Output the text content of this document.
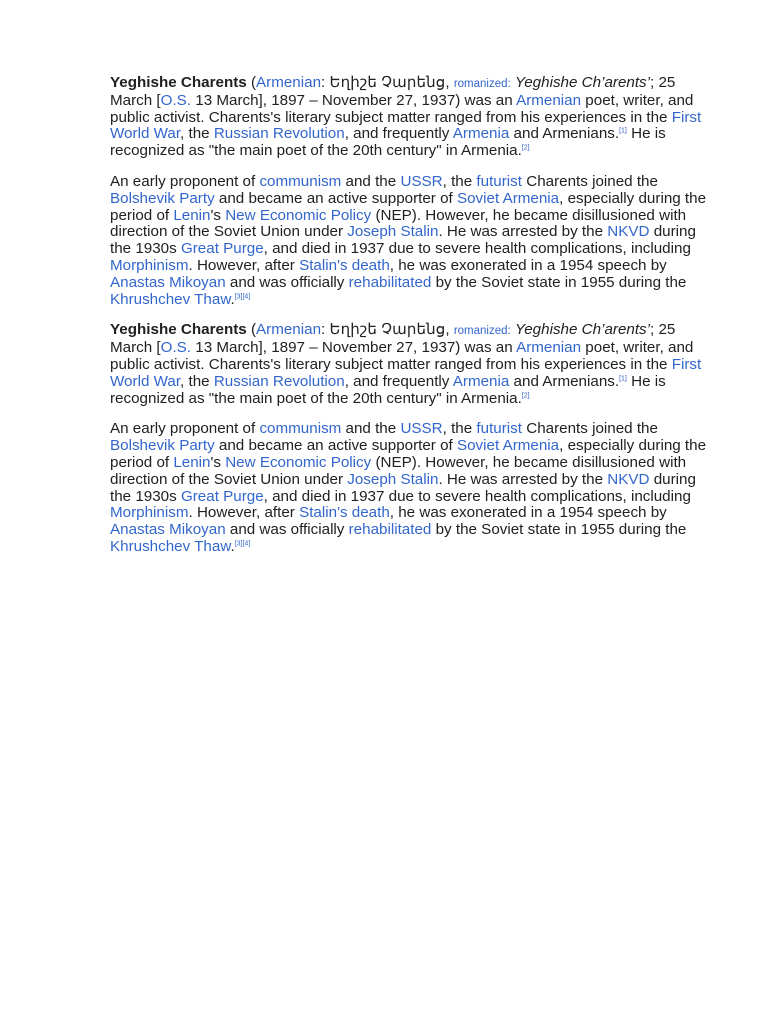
Yeghishe Charents (Armenian: Եղիշե Չարենց, romanized: Yeghishe Ch’arents’; 25 March [O.S. 13 March], 1897 – November 27, 1937) was an Armenian poet, writer, and public activist. Charents's literary subject matter ranged from his experiences in the First World War, the Russian Revolution, and frequently Armenia and Armenians.[1] He is recognized as "the main poet of the 20th century" in Armenia.[2]

An early proponent of communism and the USSR, the futurist Charents joined the Bolshevik Party and became an active supporter of Soviet Armenia, especially during the period of Lenin's New Economic Policy (NEP). However, he became disillusioned with direction of the Soviet Union under Joseph Stalin. He was arrested by the NKVD during the 1930s Great Purge, and died in 1937 due to severe health complications, including Morphinism. However, after Stalin's death, he was exonerated in a 1954 speech by Anastas Mikoyan and was officially rehabilitated by the Soviet state in 1955 during the Khrushchev Thaw.[3][4]

Yeghishe Charents (Armenian: Եղիշե Չարենց, romanized: Yeghishe Ch’arents’; 25 March [O.S. 13 March], 1897 – November 27, 1937) was an Armenian poet, writer, and public activist. Charents's literary subject matter ranged from his experiences in the First World War, the Russian Revolution, and frequently Armenia and Armenians.[1] He is recognized as "the main poet of the 20th century" in Armenia.[2]

An early proponent of communism and the USSR, the futurist Charents joined the Bolshevik Party and became an active supporter of Soviet Armenia, especially during the period of Lenin's New Economic Policy (NEP). However, he became disillusioned with direction of the Soviet Union under Joseph Stalin. He was arrested by the NKVD during the 1930s Great Purge, and died in 1937 due to severe health complications, including Morphinism. However, after Stalin's death, he was exonerated in a 1954 speech by Anastas Mikoyan and was officially rehabilitated by the Soviet state in 1955 during the Khrushchev Thaw.[3][4]
